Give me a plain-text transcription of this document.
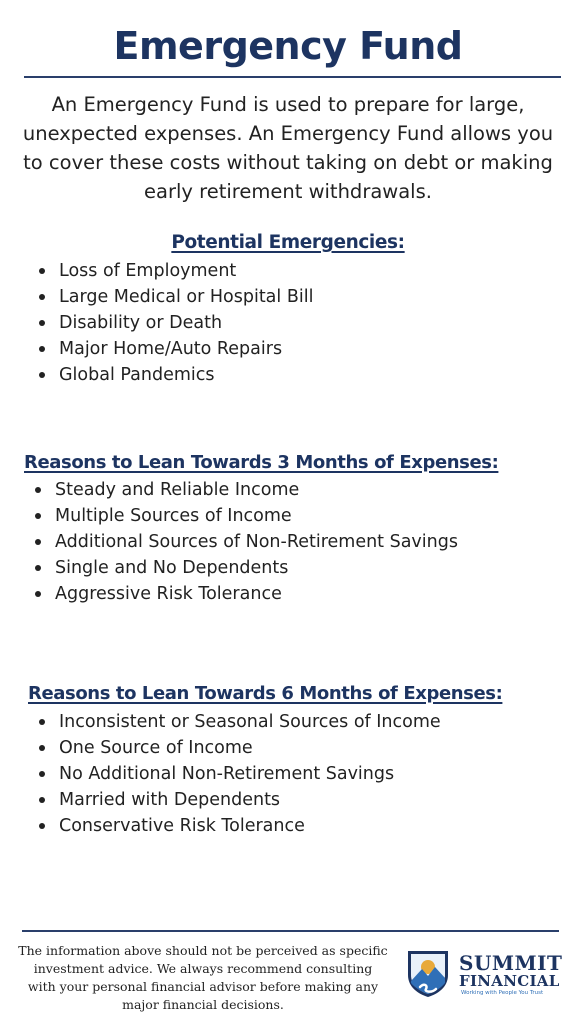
Emergency Fund
An Emergency Fund is used to prepare for large, unexpected expenses. An Emergency Fund allows you to cover these costs without taking on debt or making early retirement withdrawals.
Potential Emergencies:
Loss of Employment
Large Medical or Hospital Bill
Disability or Death
Major Home/Auto Repairs
Global Pandemics
Reasons to Lean Towards 3 Months of Expenses:
Steady and Reliable Income
Multiple Sources of Income
Additional Sources of Non-Retirement Savings
Single and No Dependents
Aggressive Risk Tolerance
Reasons to Lean Towards 6 Months of Expenses:
Inconsistent or Seasonal Sources of Income
One Source of Income
No Additional Non-Retirement Savings
Married with Dependents
Conservative Risk Tolerance
The information above should not be perceived as specific investment advice. We always recommend consulting with your personal financial advisor before making any major financial decisions.
SUMMIT
FINANCIAL
Working with People You Trust
